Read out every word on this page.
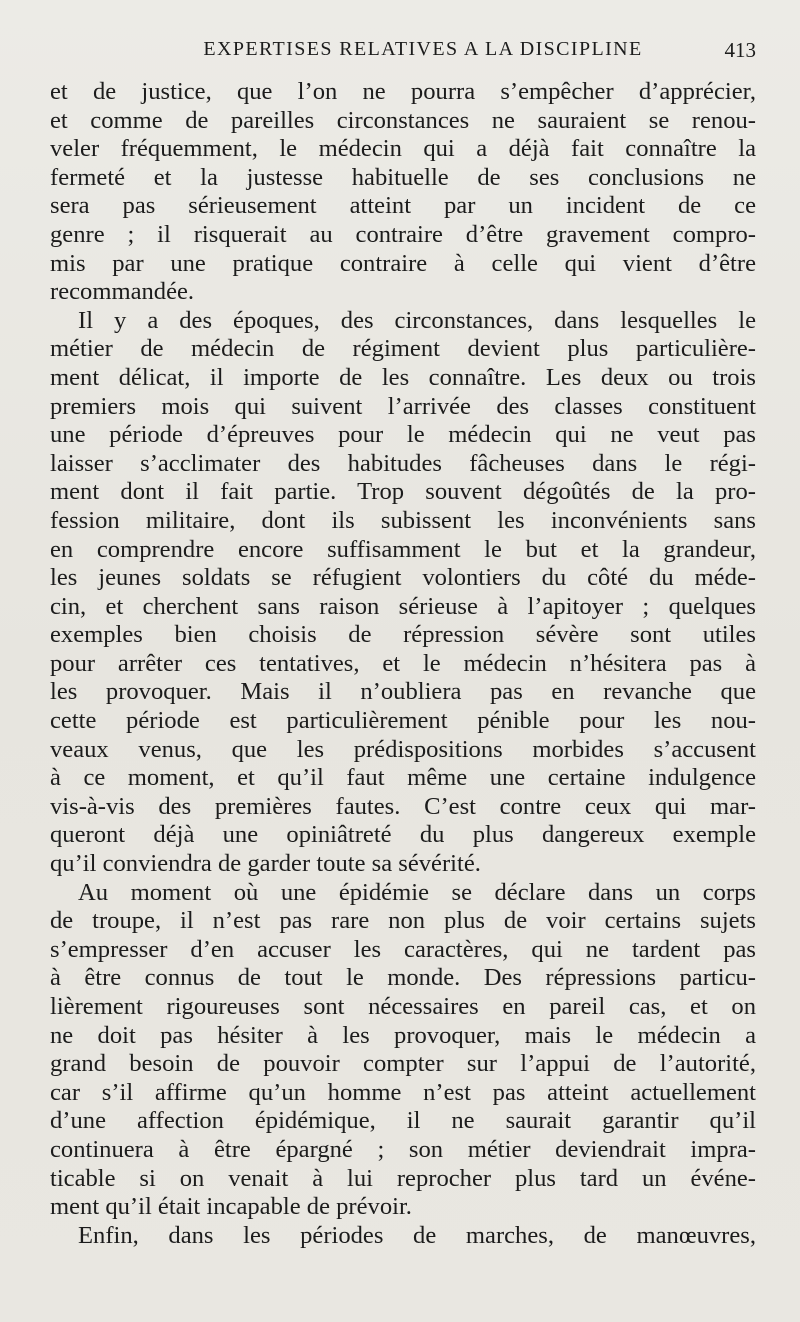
EXPERTISES RELATIVES A LA DISCIPLINE	413
et de justice, que l’on ne pourra s’empêcher d’apprécier,
et comme de pareilles circonstances ne sauraient se renou-
veler fréquemment, le médecin qui a déjà fait connaître la
fermeté et la justesse habituelle de ses conclusions ne
sera pas sérieusement atteint par un incident de ce
genre ; il risquerait au contraire d’être gravement compro-
mis par une pratique contraire à celle qui vient d’être
recommandée.
Il y a des époques, des circonstances, dans lesquelles le
métier de médecin de régiment devient plus particulière-
ment délicat, il importe de les connaître. Les deux ou trois
premiers mois qui suivent l’arrivée des classes constituent
une période d’épreuves pour le médecin qui ne veut pas
laisser s’acclimater des habitudes fâcheuses dans le régi-
ment dont il fait partie. Trop souvent dégoûtés de la pro-
fession militaire, dont ils subissent les inconvénients sans
en comprendre encore suffisamment le but et la grandeur,
les jeunes soldats se réfugient volontiers du côté du méde-
cin, et cherchent sans raison sérieuse à l’apitoyer ; quelques
exemples bien choisis de répression sévère sont utiles
pour arrêter ces tentatives, et le médecin n’hésitera pas à
les provoquer. Mais il n’oubliera pas en revanche que
cette période est particulièrement pénible pour les nou-
veaux venus, que les prédispositions morbides s’accusent
à ce moment, et qu’il faut même une certaine indulgence
vis-à-vis des premières fautes. C’est contre ceux qui mar-
queront déjà une opiniâtreté du plus dangereux exemple
qu’il conviendra de garder toute sa sévérité.
Au moment où une épidémie se déclare dans un corps
de troupe, il n’est pas rare non plus de voir certains sujets
s’empresser d’en accuser les caractères, qui ne tardent pas
à être connus de tout le monde. Des répressions particu-
lièrement rigoureuses sont nécessaires en pareil cas, et on
ne doit pas hésiter à les provoquer, mais le médecin a
grand besoin de pouvoir compter sur l’appui de l’autorité,
car s’il affirme qu’un homme n’est pas atteint actuellement
d’une affection épidémique, il ne saurait garantir qu’il
continuera à être épargné ; son métier deviendrait impra-
ticable si on venait à lui reprocher plus tard un événe-
ment qu’il était incapable de prévoir.
Enfin, dans les périodes de marches, de manœuvres,
